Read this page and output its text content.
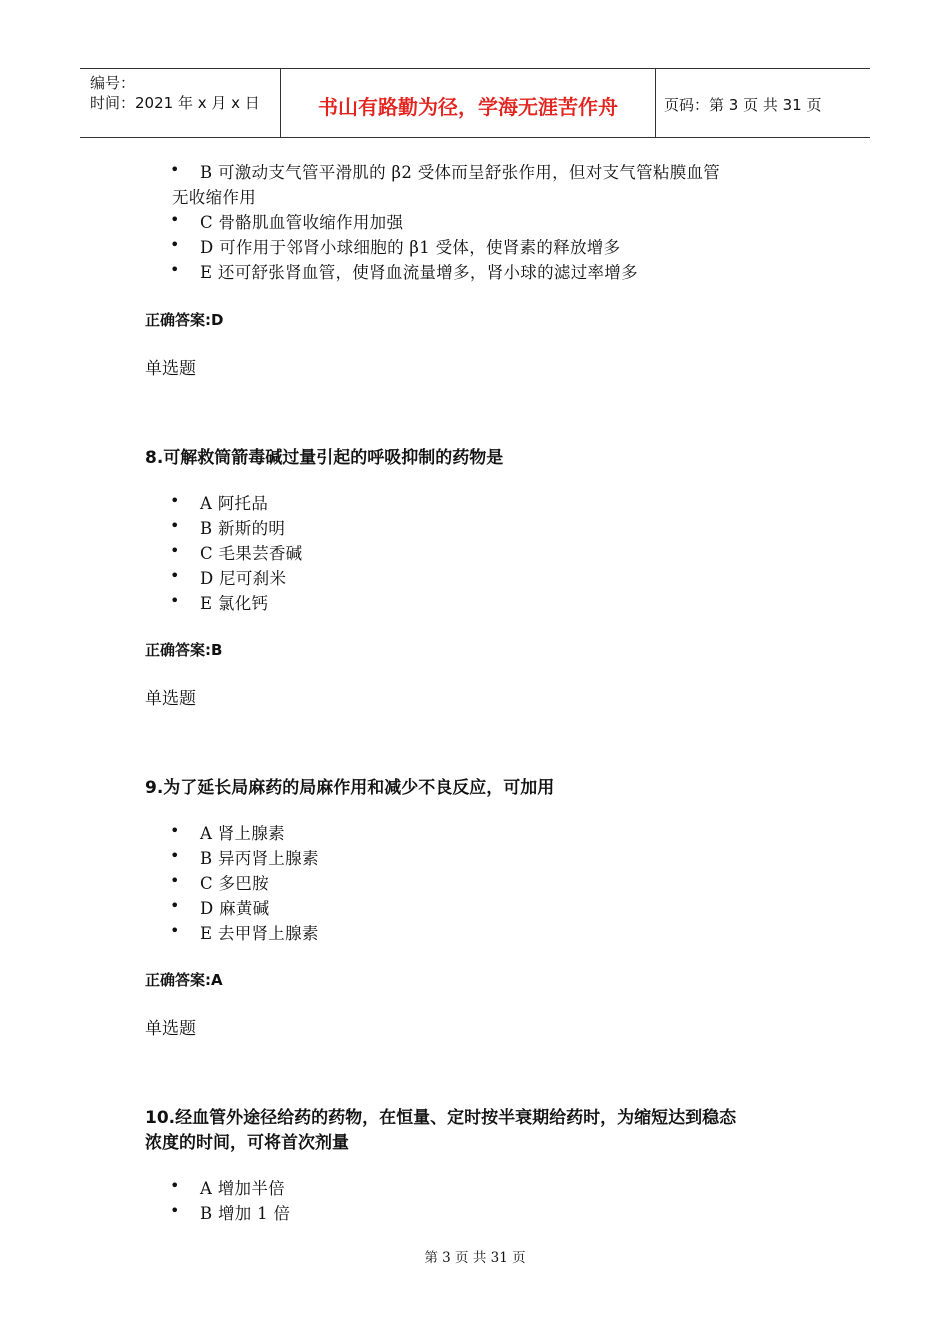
编号：
时间：2021 年 x 月 x 日	书山有路勤为径，学海无涯苦作舟	页码：第 3 页 共 31 页
• B 可激动支气管平滑肌的 β2 受体而呈舒张作用，但对支气管粘膜血管
无收缩作用
• C 骨骼肌血管收缩作用加强
• D 可作用于邻肾小球细胞的 β1 受体，使肾素的释放增多
• E 还可舒张肾血管，使肾血流量增多，肾小球的滤过率增多
正确答案:D
单选题
8.可解救筒箭毒碱过量引起的呼吸抑制的药物是
• A 阿托品
• B 新斯的明
• C 毛果芸香碱
• D 尼可刹米
• E 氯化钙
正确答案:B
单选题
9.为了延长局麻药的局麻作用和减少不良反应，可加用
• A 肾上腺素
• B 异丙肾上腺素
• C 多巴胺
• D 麻黄碱
• E 去甲肾上腺素
正确答案:A
单选题
10.经血管外途径给药的药物，在恒量、定时按半衰期给药时，为缩短达到稳态
浓度的时间，可将首次剂量
• A 增加半倍
• B 增加 1 倍
第 3 页 共 31 页
